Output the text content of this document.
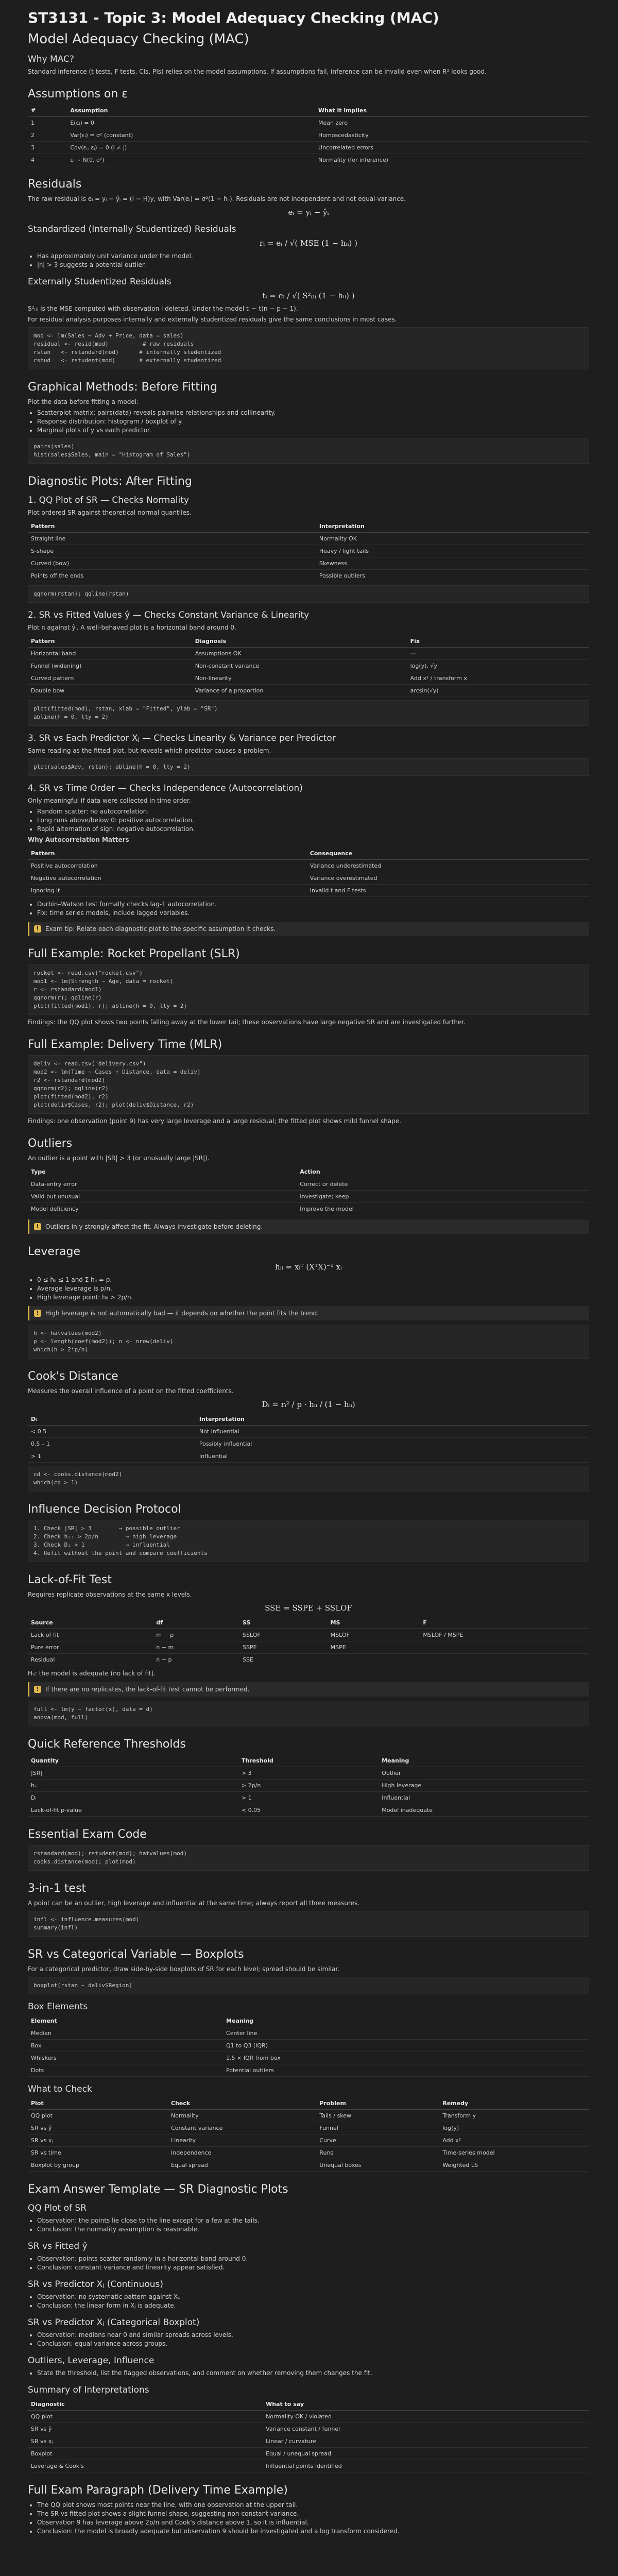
ST3131 - Topic 3: Model Adequacy Checking (MAC)
Model Adequacy Checking (MAC)
Why MAC?
Standard inference (t tests, F tests, CIs, PIs) relies on the model assumptions. If assumptions fail, inference can be invalid even when R² looks good.
Assumptions on ε
#	Assumption	What it implies
1	E(εᵢ) = 0	Mean zero
2	Var(εᵢ) = σ² (constant)	Homoscedasticity
3	Cov(εᵢ, εⱼ) = 0 (i ≠ j)	Uncorrelated errors
4	εᵢ ~ N(0, σ²)	Normality (for inference)
Residuals
The raw residual is eᵢ = yᵢ − ŷᵢ = (I − H)y, with Var(eᵢ) = σ²(1 − hᵢᵢ). Residuals are not independent and not equal-variance.
eᵢ = yᵢ − ŷᵢ
Standardized (Internally Studentized) Residuals
rᵢ = eᵢ / √( MSE (1 − hᵢᵢ) )
• Has approximately unit variance under the model.
• |rᵢ| > 3 suggests a potential outlier.
Externally Studentized Residuals
tᵢ = eᵢ / √( S²₍ᵢ₎ (1 − hᵢᵢ) )
S²₍ᵢ₎ is the MSE computed with observation i deleted. Under the model tᵢ ~ t(n − p − 1).
For residual analysis purposes internally and externally studentized residuals give the same conclusions in most cases.
mod <- lm(Sales ~ Adv + Price, data = sales)
residual <- resid(mod)          # raw residuals
rstan   <- rstandard(mod)      # internally studentized
rstud   <- rstudent(mod)       # externally studentized
Graphical Methods: Before Fitting
Plot the data before fitting a model:
• Scatterplot matrix: pairs(data) reveals pairwise relationships and collinearity.
• Response distribution: histogram / boxplot of y.
• Marginal plots of y vs each predictor.
pairs(sales)
hist(sales$Sales, main = "Histogram of Sales")
Diagnostic Plots: After Fitting
1. QQ Plot of SR — Checks Normality
Plot ordered SR against theoretical normal quantiles.
Pattern	Interpretation
Straight line	Normality OK
S-shape	Heavy / light tails
Curved (bow)	Skewness
Points off the ends	Possible outliers
qqnorm(rstan); qqline(rstan)
2. SR vs Fitted Values ŷ — Checks Constant Variance & Linearity
Plot rᵢ against ŷᵢ. A well-behaved plot is a horizontal band around 0.
Pattern	Diagnosis	Fix
Horizontal band	Assumptions OK	—
Funnel (widening)	Non-constant variance	log(y), √y
Curved pattern	Non-linearity	Add x² / transform x
Double bow	Variance of a proportion	arcsin(√y)
plot(fitted(mod), rstan, xlab = "Fitted", ylab = "SR")
abline(h = 0, lty = 2)
3. SR vs Each Predictor Xⱼ — Checks Linearity & Variance per Predictor
Same reading as the fitted plot, but reveals which predictor causes a problem.
plot(sales$Adv, rstan); abline(h = 0, lty = 2)
4. SR vs Time Order — Checks Independence (Autocorrelation)
Only meaningful if data were collected in time order.
• Random scatter: no autocorrelation.
• Long runs above/below 0: positive autocorrelation.
• Rapid alternation of sign: negative autocorrelation.
Why Autocorrelation Matters
Pattern	Consequence
Positive autocorrelation	Variance underestimated
Negative autocorrelation	Variance overestimated
Ignoring it	Invalid t and F tests
• Durbin–Watson test formally checks lag-1 autocorrelation.
• Fix: time series models, include lagged variables.
!	Exam tip: Relate each diagnostic plot to the specific assumption it checks.
Full Example: Rocket Propellant (SLR)
rocket <- read.csv("rocket.csv")
mod1 <- lm(Strength ~ Age, data = rocket)
r <- rstandard(mod1)
qqnorm(r); qqline(r)
plot(fitted(mod1), r); abline(h = 0, lty = 2)
Findings: the QQ plot shows two points falling away at the lower tail; these observations have large negative SR and are investigated further.
Full Example: Delivery Time (MLR)
deliv <- read.csv("delivery.csv")
mod2 <- lm(Time ~ Cases + Distance, data = deliv)
r2 <- rstandard(mod2)
qqnorm(r2); qqline(r2)
plot(fitted(mod2), r2)
plot(deliv$Cases, r2); plot(deliv$Distance, r2)
Findings: one observation (point 9) has very large leverage and a large residual; the fitted plot shows mild funnel shape.
Outliers
An outlier is a point with |SR| > 3 (or unusually large |SR|).
Type	Action
Data-entry error	Correct or delete
Valid but unusual	Investigate; keep
Model deficiency	Improve the model
!	Outliers in y strongly affect the fit. Always investigate before deleting.
Leverage
hᵢᵢ = xᵢᵀ (XᵀX)⁻¹ xᵢ
• 0 ≤ hᵢᵢ ≤ 1 and Σ hᵢᵢ = p.
• Average leverage is p/n.
• High leverage point: hᵢᵢ > 2p/n.
!	High leverage is not automatically bad — it depends on whether the point fits the trend.
h <- hatvalues(mod2)
p <- length(coef(mod2)); n <- nrow(deliv)
which(h > 2*p/n)
Cook's Distance
Measures the overall influence of a point on the fitted coefficients.
Dᵢ = rᵢ² / p · hᵢᵢ / (1 − hᵢᵢ)
Dᵢ	Interpretation
< 0.5	Not influential
0.5 – 1	Possibly influential
> 1	Influential
cd <- cooks.distance(mod2)
which(cd > 1)
Influence Decision Protocol
1. Check |SR| > 3        → possible outlier
2. Check hᵢᵢ > 2p/n        → high leverage
3. Check Dᵢ > 1            → influential
4. Refit without the point and compare coefficients
Lack-of-Fit Test
Requires replicate observations at the same x levels.
SSE = SSPE + SSLOF
Source	df	SS	MS	F
Lack of fit	m − p	SSLOF	MSLOF	MSLOF / MSPE
Pure error	n − m	SSPE	MSPE	
Residual	n − p	SSE		
H₀: the model is adequate (no lack of fit).
!	If there are no replicates, the lack-of-fit test cannot be performed.
full <- lm(y ~ factor(x), data = d)
anova(mod, full)
Quick Reference Thresholds
Quantity	Threshold	Meaning
|SR|	> 3	Outlier
hᵢᵢ	> 2p/n	High leverage
Dᵢ	> 1	Influential
Lack-of-fit p-value	< 0.05	Model inadequate
Essential Exam Code
rstandard(mod); rstudent(mod); hatvalues(mod)
cooks.distance(mod); plot(mod)
3-in-1 test
A point can be an outlier, high leverage and influential at the same time; always report all three measures.
infl <- influence.measures(mod)
summary(infl)
SR vs Categorical Variable — Boxplots
For a categorical predictor, draw side-by-side boxplots of SR for each level; spread should be similar.
boxplot(rstan ~ deliv$Region)
Box Elements
Element	Meaning
Median	Center line
Box	Q1 to Q3 (IQR)
Whiskers	1.5 × IQR from box
Dots	Potential outliers
What to Check
Plot	Check	Problem	Remedy
QQ plot	Normality	Tails / skew	Transform y
SR vs ŷ	Constant variance	Funnel	log(y)
SR vs xⱼ	Linearity	Curve	Add x²
SR vs time	Independence	Runs	Time-series model
Boxplot by group	Equal spread	Unequal boxes	Weighted LS
Exam Answer Template — SR Diagnostic Plots
QQ Plot of SR
• Observation: the points lie close to the line except for a few at the tails.
• Conclusion: the normality assumption is reasonable.
SR vs Fitted ŷ
• Observation: points scatter randomly in a horizontal band around 0.
• Conclusion: constant variance and linearity appear satisfied.
SR vs Predictor Xⱼ (Continuous)
• Observation: no systematic pattern against Xⱼ.
• Conclusion: the linear form in Xⱼ is adequate.
SR vs Predictor Xⱼ (Categorical Boxplot)
• Observation: medians near 0 and similar spreads across levels.
• Conclusion: equal variance across groups.
Outliers, Leverage, Influence
• State the threshold, list the flagged observations, and comment on whether removing them changes the fit.
Summary of Interpretations
Diagnostic	What to say
QQ plot	Normality OK / violated
SR vs ŷ	Variance constant / funnel
SR vs xⱼ	Linear / curvature
Boxplot	Equal / unequal spread
Leverage & Cook's	Influential points identified
Full Exam Paragraph (Delivery Time Example)
• The QQ plot shows most points near the line, with one observation at the upper tail.
• The SR vs fitted plot shows a slight funnel shape, suggesting non-constant variance.
• Observation 9 has leverage above 2p/n and Cook's distance above 1, so it is influential.
• Conclusion: the model is broadly adequate but observation 9 should be investigated and a log transform considered.
